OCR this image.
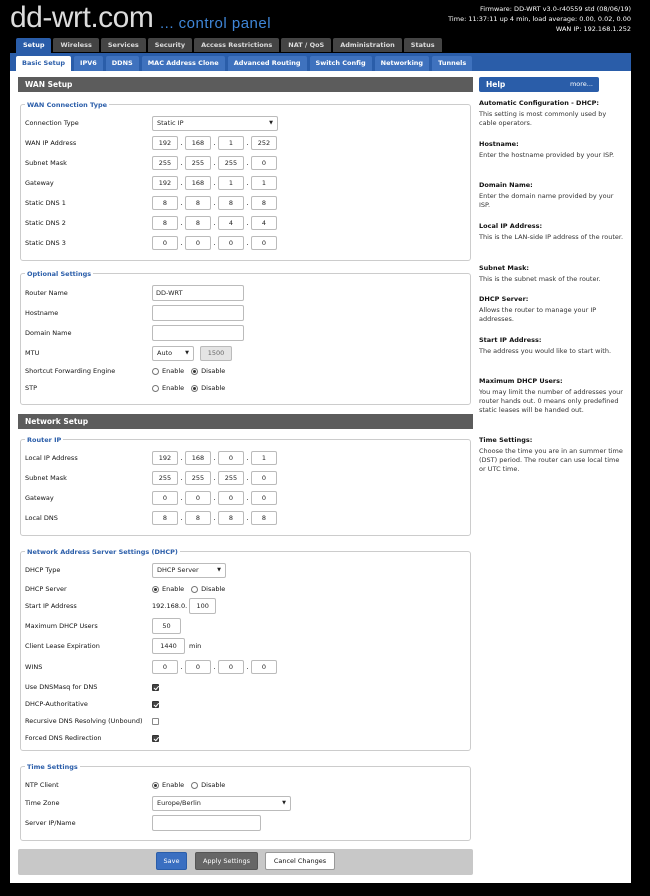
dd-wrt.com ... control panel
Firmware: DD-WRT v3.0-r40559 std (08/06/19)
Time: 11:37:11 up 4 min, load average: 0.00, 0.02, 0.00
WAN IP: 192.168.1.252
Setup	Wireless	Services	Security	Access Restrictions	NAT / QoS	Administration	Status
Basic Setup	IPV6	DDNS	MAC Address Clone	Advanced Routing	Switch Config	Networking	Tunnels
WAN Setup
WAN Connection Type
Connection Type	Static IP	▼
WAN IP Address	192	.	168	.	1	.	252
Subnet Mask	255	.	255	.	255	.	0
Gateway	192	.	168	.	1	.	1
Static DNS 1	8	.	8	.	8	.	8
Static DNS 2	8	.	8	.	4	.	4
Static DNS 3	0	.	0	.	0	.	0
Optional Settings
Router Name	DD-WRT
Hostname
Domain Name
MTU	Auto	▼	1500
Shortcut Forwarding Engine	Enable	Disable
STP	Enable	Disable
Network Setup
Router IP
Local IP Address	192	.	168	.	0	.	1
Subnet Mask	255	.	255	.	255	.	0
Gateway	0	.	0	.	0	.	0
Local DNS	8	.	8	.	8	.	8
Network Address Server Settings (DHCP)
DHCP Type	DHCP Server	▼
DHCP Server	Enable	Disable
Start IP Address	192.168.0.	100
Maximum DHCP Users	50
Client Lease Expiration	1440	min
WINS	0	.	0	.	0	.	0
Use DNSMasq for DNS
DHCP-Authoritative
Recursive DNS Resolving (Unbound)
Forced DNS Redirection
Time Settings
NTP Client	Enable	Disable
Time Zone	Europe/Berlin	▼
Server IP/Name
Save	Apply Settings	Cancel Changes
Help	more...
Automatic Configuration - DHCP:
This setting is most commonly used by cable operators.
Hostname:
Enter the hostname provided by your ISP.
Domain Name:
Enter the domain name provided by your ISP.
Local IP Address:
This is the LAN-side IP address of the router.
Subnet Mask:
This is the subnet mask of the router.
DHCP Server:
Allows the router to manage your IP addresses.
Start IP Address:
The address you would like to start with.
Maximum DHCP Users:
You may limit the number of addresses your router hands out. 0 means only predefined static leases will be handed out.
Time Settings:
Choose the time you are in an summer time (DST) period. The router can use local time or UTC time.
